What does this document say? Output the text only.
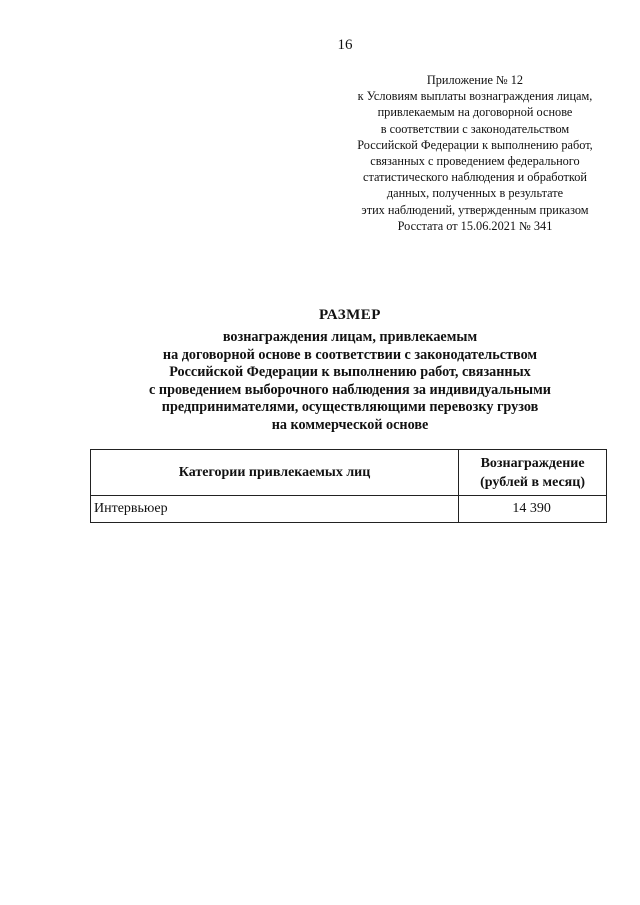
16
Приложение № 12
к Условиям выплаты вознаграждения лицам,
привлекаемым на договорной основе
в соответствии с законодательством
Российской Федерации к выполнению работ,
связанных с проведением федерального
статистического наблюдения и обработкой
данных, полученных в результате
этих наблюдений, утвержденным приказом
Росстата от 15.06.2021 № 341
РАЗМЕР
вознаграждения лицам, привлекаемым
на договорной основе в соответствии с законодательством
Российской Федерации к выполнению работ, связанных
с проведением выборочного наблюдения за индивидуальными
предпринимателями, осуществляющими перевозку грузов
на коммерческой основе
Категории привлекаемых лиц	Вознаграждение
(рублей в месяц)

Интервьюер	14 390
